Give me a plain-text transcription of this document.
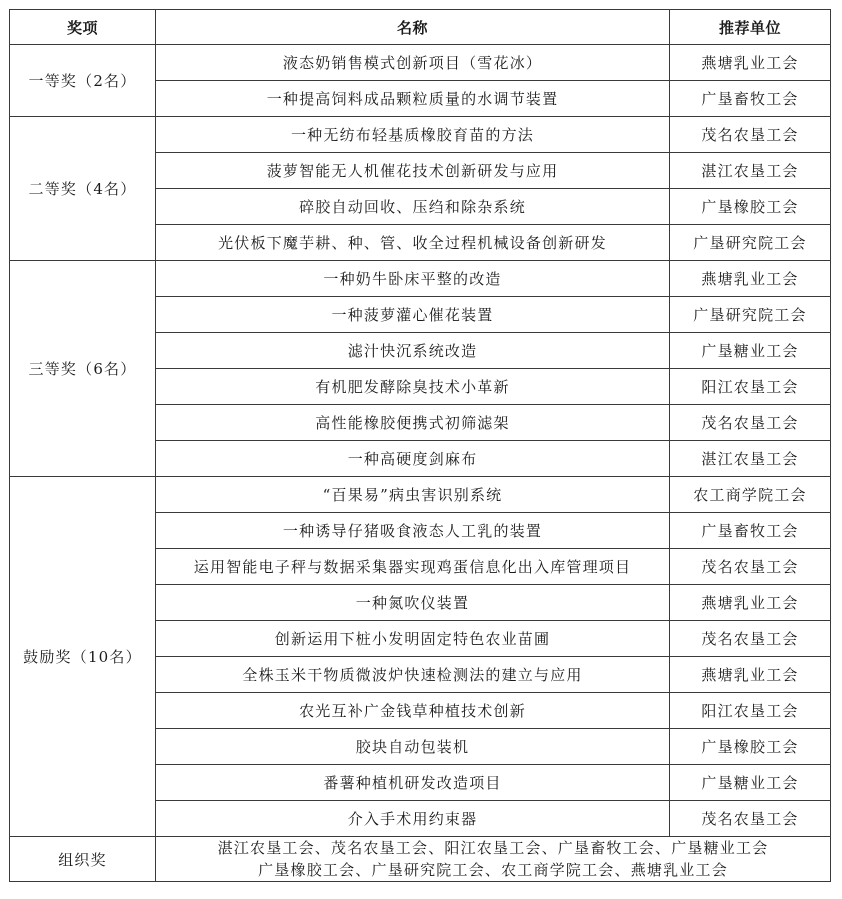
奖项	名称	推荐单位
一等奖（2名）	液态奶销售模式创新项目（雪花冰）	燕塘乳业工会
	一种提高饲料成品颗粒质量的水调节装置	广垦畜牧工会
二等奖（4名）	一种无纺布轻基质橡胶育苗的方法	茂名农垦工会
	菠萝智能无人机催花技术创新研发与应用	湛江农垦工会
	碎胶自动回收、压绉和除杂系统	广垦橡胶工会
	光伏板下魔芋耕、种、管、收全过程机械设备创新研发	广垦研究院工会
三等奖（6名）	一种奶牛卧床平整的改造	燕塘乳业工会
	一种菠萝灌心催花装置	广垦研究院工会
	滤汁快沉系统改造	广垦糖业工会
	有机肥发酵除臭技术小革新	阳江农垦工会
	高性能橡胶便携式初筛滤架	茂名农垦工会
	一种高硬度剑麻布	湛江农垦工会
鼓励奖（10名）	“百果易”病虫害识别系统	农工商学院工会
	一种诱导仔猪吸食液态人工乳的装置	广垦畜牧工会
	运用智能电子秤与数据采集器实现鸡蛋信息化出入库管理项目	茂名农垦工会
	一种氮吹仪装置	燕塘乳业工会
	创新运用下桩小发明固定特色农业苗圃	茂名农垦工会
	全株玉米干物质微波炉快速检测法的建立与应用	燕塘乳业工会
	农光互补广金钱草种植技术创新	阳江农垦工会
	胶块自动包装机	广垦橡胶工会
	番薯种植机研发改造项目	广垦糖业工会
	介入手术用约束器	茂名农垦工会
组织奖	湛江农垦工会、茂名农垦工会、阳江农垦工会、广垦畜牧工会、广垦糖业工会
广垦橡胶工会、广垦研究院工会、农工商学院工会、燕塘乳业工会	
